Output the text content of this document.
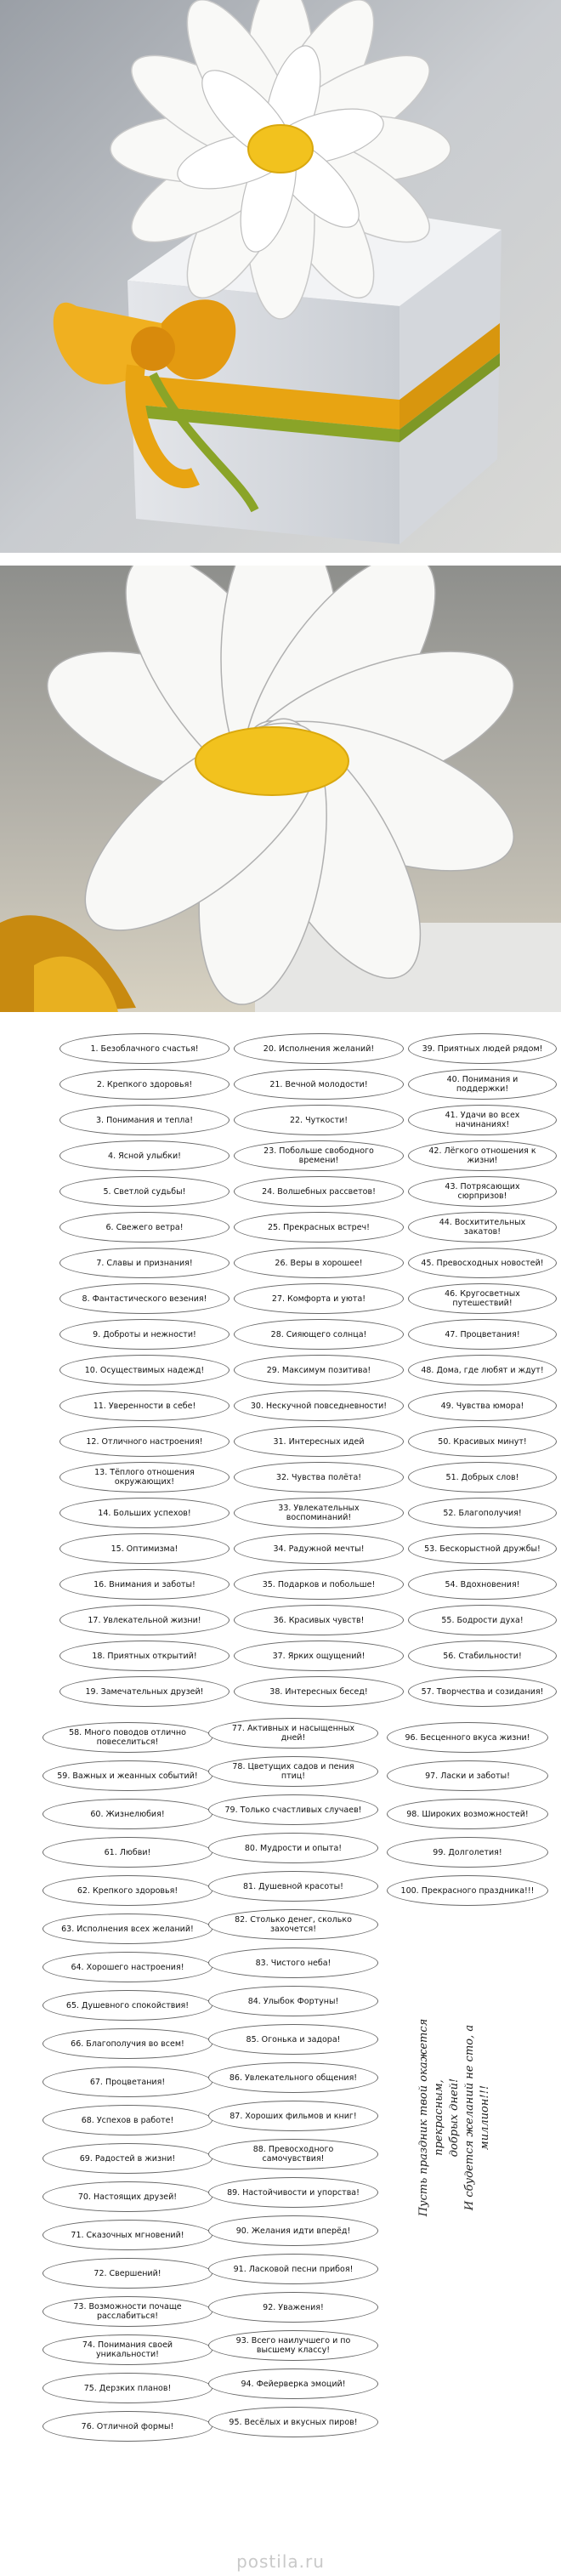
1. Безоблачного счастья!
2. Крепкого здоровья!
3. Понимания и тепла!
4. Ясной улыбки!
5. Светлой судьбы!
6. Свежего ветра!
7. Славы и признания!
8. Фантастического везения!
9. Доброты и нежности!
10. Осуществимых надежд!
11. Уверенности в себе!
12. Отличного настроения!
13. Тёплого отношения окружающих!
14. Больших успехов!
15. Оптимизма!
16. Внимания и заботы!
17. Увлекательной жизни!
18. Приятных открытий!
19. Замечательных друзей!
20. Исполнения желаний!
21. Вечной молодости!
22. Чуткости!
23. Побольше свободного времени!
24. Волшебных рассветов!
25. Прекрасных встреч!
26. Веры в хорошее!
27. Комфорта и уюта!
28. Сияющего солнца!
29. Максимум позитива!
30. Нескучной повседневности!
31. Интересных идей
32. Чувства полёта!
33. Увлекательных воспоминаний!
34. Радужной мечты!
35. Подарков и побольше!
36. Красивых чувств!
37. Ярких ощущений!
38. Интересных бесед!
39. Приятных людей рядом!
40. Понимания и поддержки!
41. Удачи во всех начинаниях!
42. Лёгкого отношения к жизни!
43. Потрясающих сюрпризов!
44. Восхитительных закатов!
45. Превосходных новостей!
46. Кругосветных путешествий!
47. Процветания!
48. Дома, где любят и ждут!
49. Чувства юмора!
50. Красивых минут!
51. Добрых слов!
52. Благополучия!
53. Бескорыстной дружбы!
54. Вдохновения!
55. Бодрости духа!
56. Стабильности!
57. Творчества и созидания!
58. Много поводов отлично повеселиться!
59. Важных и жеанных событий!
60. Жизнелюбия!
61. Любви!
62. Крепкого здоровья!
63. Исполнения всех желаний!
64. Хорошего настроения!
65. Душевного спокойствия!
66. Благополучия во всем!
67. Процветания!
68. Успехов в работе!
69. Радостей в жизни!
70. Настоящих друзей!
71. Сказочных мгновений!
72. Свершений!
73. Возможности почаще расслабиться!
74. Понимания своей уникальности!
75. Дерзких планов!
76. Отличной формы!
77. Активных и насыщенных дней!
78. Цветущих садов и пения птиц!
79. Только счастливых случаев!
80. Мудрости и опыта!
81. Душевной красоты!
82. Столько денег, сколько захочется!
83. Чистого неба!
84. Улыбок Фортуны!
85. Огонька и задора!
86. Увлекательного общения!
87. Хороших фильмов и книг!
88. Превосходного самочувствия!
89. Настойчивости и упорства!
90. Желания идти вперёд!
91. Ласковой песни прибоя!
92. Уважения!
93. Всего наилучшего и по высшему классу!
94. Фейерверка эмоций!
95. Весёлых и вкусных пиров!
96. Бесценного вкуса жизни!
97. Ласки и заботы!
98. Широких возможностей!
99. Долголетия!
100. Прекрасного праздника!!!
Пусть праздник твой окажется прекрасным, добрых дней! И сбудется желаний не сто, а миллион!!!
postila.ru
